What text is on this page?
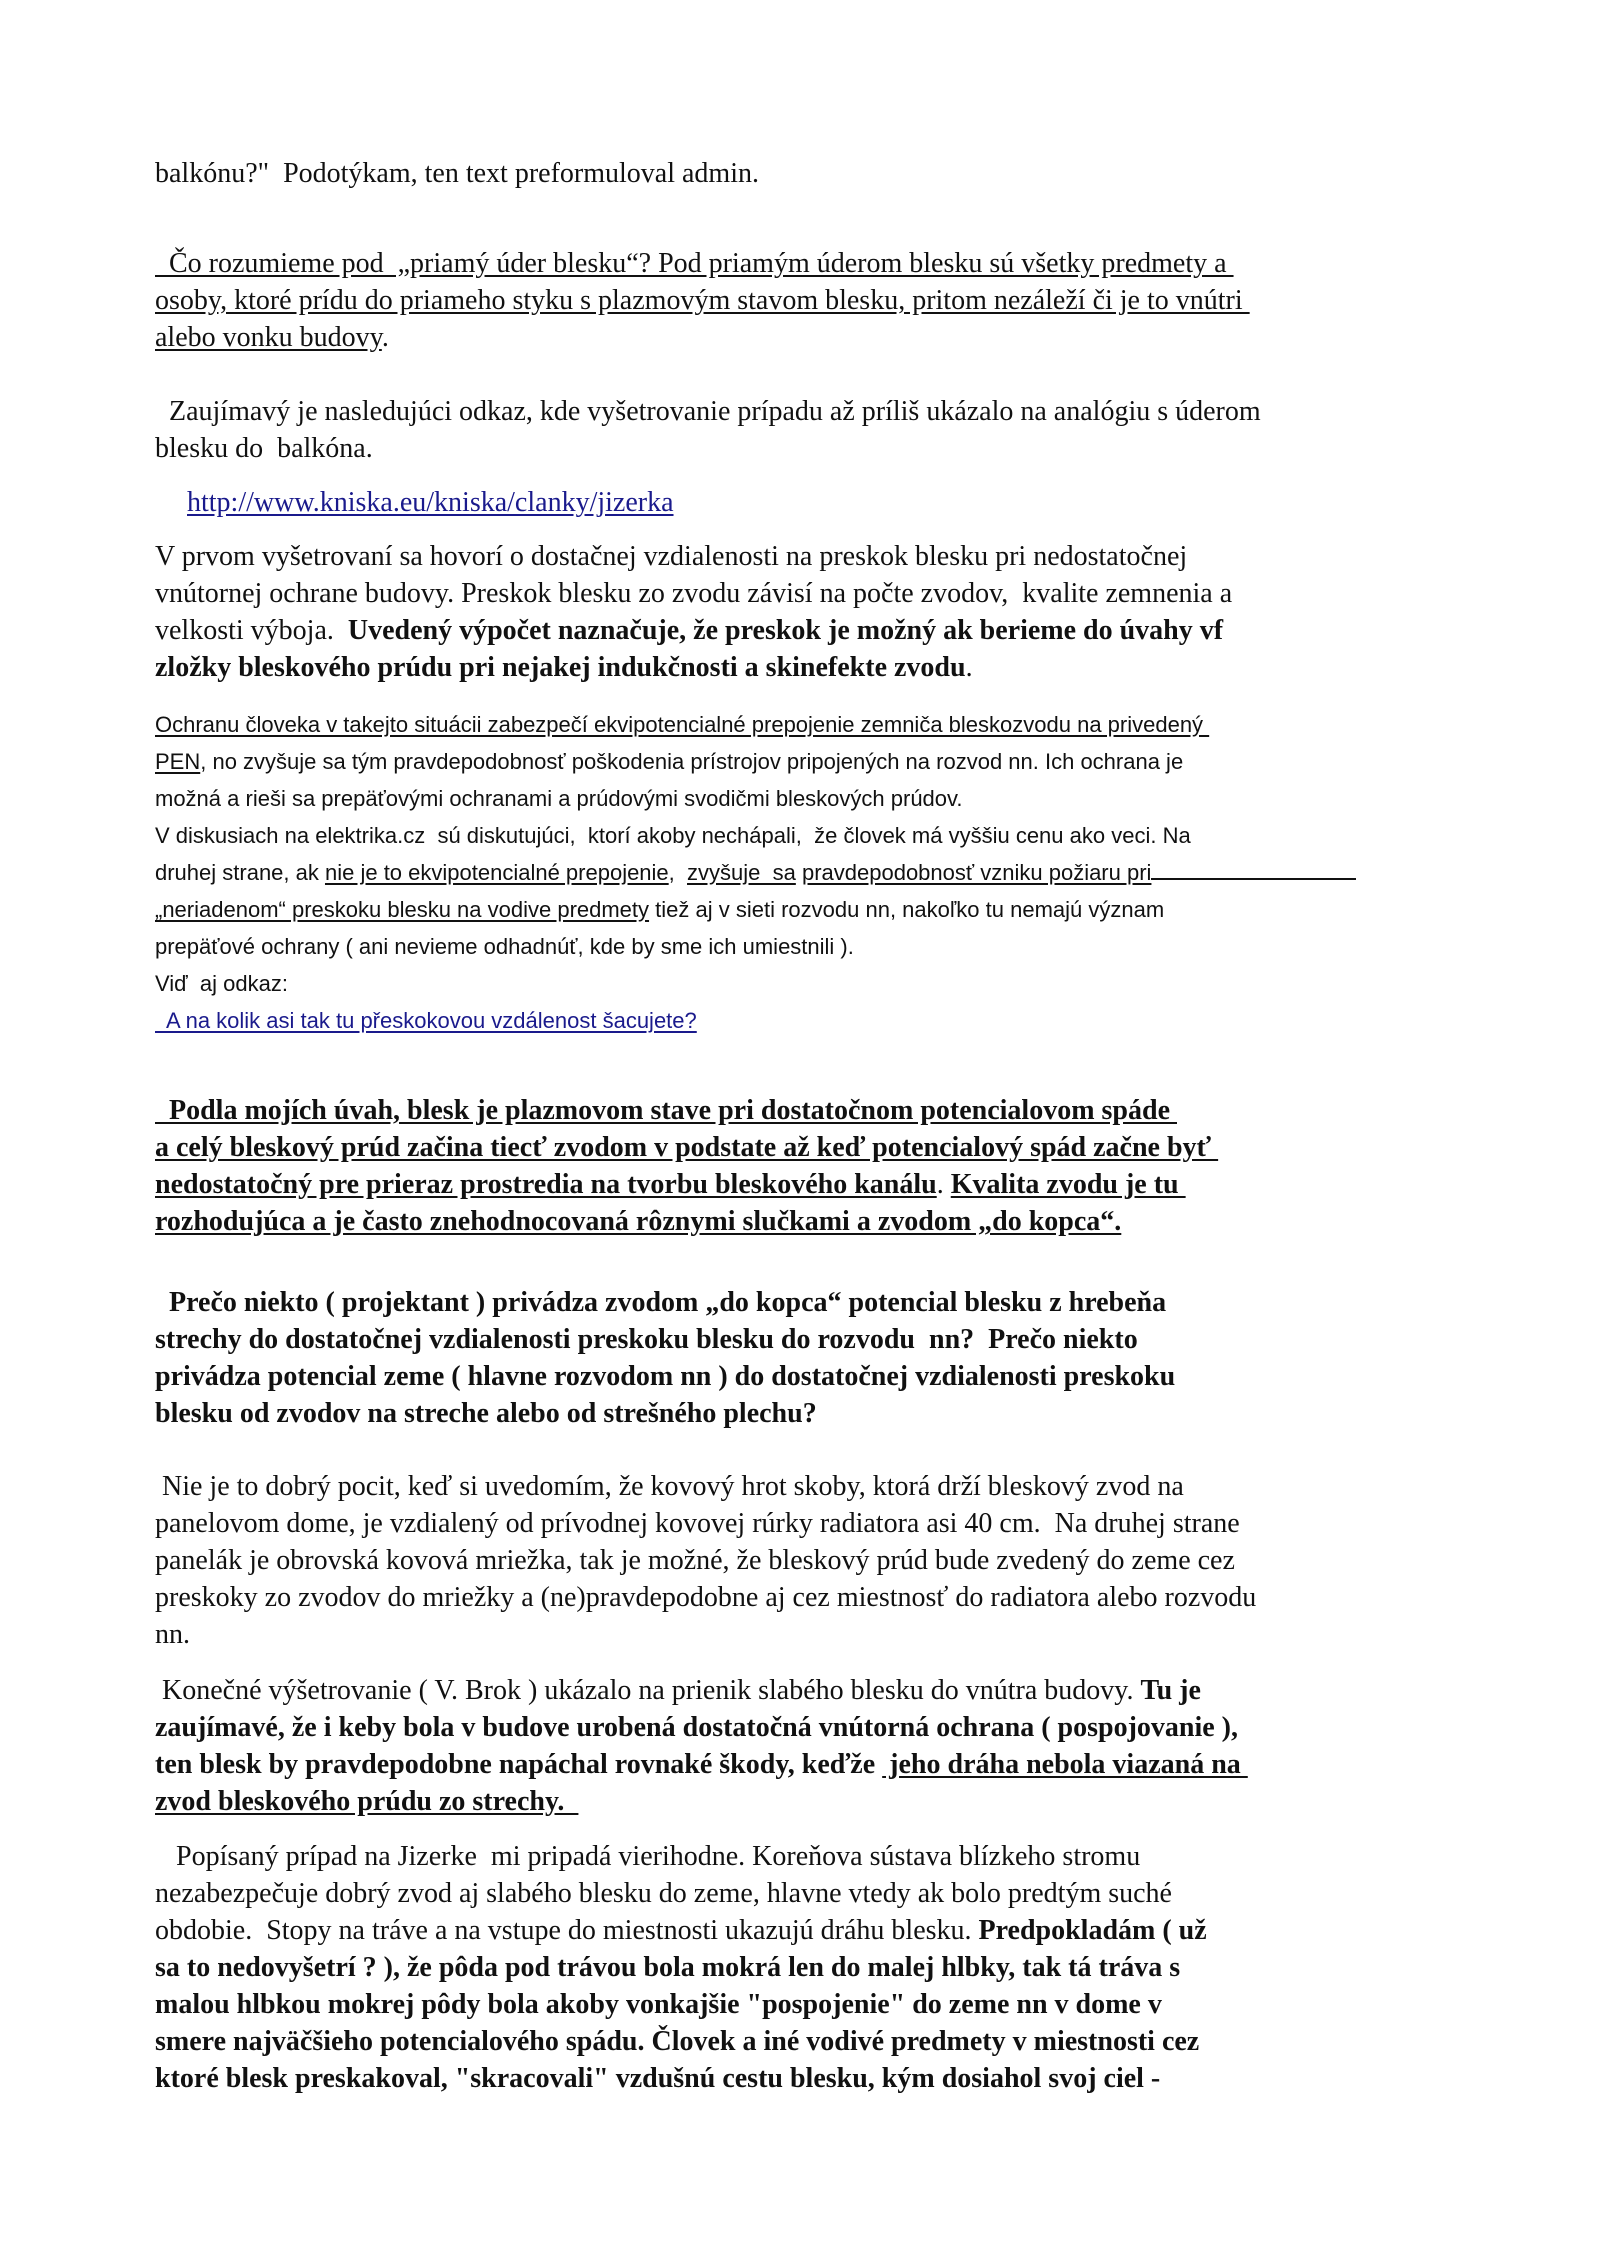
balkónu?"  Podotýkam, ten text preformuloval admin.
Čo rozumieme pod  „priamý úder blesku“? Pod priamým úderom blesku sú všetky predmety a
osoby, ktoré prídu do priameho styku s plazmovým stavom blesku, pritom nezáleží či je to vnútri
alebo vonku budovy.
Zaujímavý je nasledujúci odkaz, kde vyšetrovanie prípadu až príliš ukázalo na analógiu s úderom
blesku do  balkóna.
http://www.kniska.eu/kniska/clanky/jizerka
V prvom vyšetrovaní sa hovorí o dostačnej vzdialenosti na preskok blesku pri nedostatočnej
vnútornej ochrane budovy. Preskok blesku zo zvodu závisí na počte zvodov,  kvalite zemnenia a
velkosti výboja.  Uvedený výpočet naznačuje, že preskok je možný ak berieme do úvahy vf
zložky bleskového prúdu pri nejakej indukčnosti a skinefekte zvodu.
Ochranu človeka v takejto situácii zabezpečí ekvipotencialné prepojenie zemniča bleskozvodu na privedený
PEN, no zvyšuje sa tým pravdepodobnosť poškodenia prístrojov pripojených na rozvod nn. Ich ochrana je
možná a rieši sa prepäťovými ochranami a prúdovými svodičmi bleskových prúdov.
V diskusiach na elektrika.cz  sú diskutujúci,  ktorí akoby nechápali,  že človek má vyššiu cenu ako veci. Na
druhej strane, ak nie je to ekvipotencialné prepojenie,  zvyšuje  sa pravdepodobnosť vzniku požiaru pri
„neriadenom“ preskoku blesku na vodive predmety tiež aj v sieti rozvodu nn, nakoľko tu nemajú význam
prepäťové ochrany ( ani nevieme odhadnúť, kde by sme ich umiestnili ).
Viď  aj odkaz:
A na kolik asi tak tu přeskokovou vzdálenost šacujete?
Podla mojích úvah, blesk je plazmovom stave pri dostatočnom potencialovom spáde
a celý bleskový prúd začina tiecť zvodom v podstate až keď potencialový spád začne byť
nedostatočný pre prieraz prostredia na tvorbu bleskového kanálu. Kvalita zvodu je tu
rozhodujúca a je často znehodnocovaná rôznymi slučkami a zvodom „do kopca“.
Prečo niekto ( projektant ) privádza zvodom „do kopca“ potencial blesku z hrebeňa
strechy do dostatočnej vzdialenosti preskoku blesku do rozvodu  nn?  Prečo niekto
privádza potencial zeme ( hlavne rozvodom nn ) do dostatočnej vzdialenosti preskoku
blesku od zvodov na streche alebo od strešného plechu?
Nie je to dobrý pocit, keď si uvedomím, že kovový hrot skoby, ktorá drží bleskový zvod na
panelovom dome, je vzdialený od prívodnej kovovej rúrky radiatora asi 40 cm.  Na druhej strane
panelák je obrovská kovová mriežka, tak je možné, že bleskový prúd bude zvedený do zeme cez
preskoky zo zvodov do mriežky a (ne)pravdepodobne aj cez miestnosť do radiatora alebo rozvodu
nn.
Konečné výšetrovanie ( V. Brok ) ukázalo na prienik slabého blesku do vnútra budovy. Tu je
zaujímavé, že i keby bola v budove urobená dostatočná vnútorná ochrana ( pospojovanie ),
ten blesk by pravdepodobne napáchal rovnaké škody, keďže  jeho dráha nebola viazaná na
zvod bleskového prúdu zo strechy.
Popísaný prípad na Jizerke  mi pripadá vierihodne. Koreňova sústava blízkeho stromu
nezabezpečuje dobrý zvod aj slabého blesku do zeme, hlavne vtedy ak bolo predtým suché
obdobie.  Stopy na tráve a na vstupe do miestnosti ukazujú dráhu blesku. Predpokladám ( už
sa to nedovyšetrí ? ), že pôda pod trávou bola mokrá len do malej hlbky, tak tá tráva s
malou hlbkou mokrej pôdy bola akoby vonkajšie "pospojenie" do zeme nn v dome v
smere najväčšieho potencialového spádu. Človek a iné vodivé predmety v miestnosti cez
ktoré blesk preskakoval, "skracovali" vzdušnú cestu blesku, kým dosiahol svoj ciel -
